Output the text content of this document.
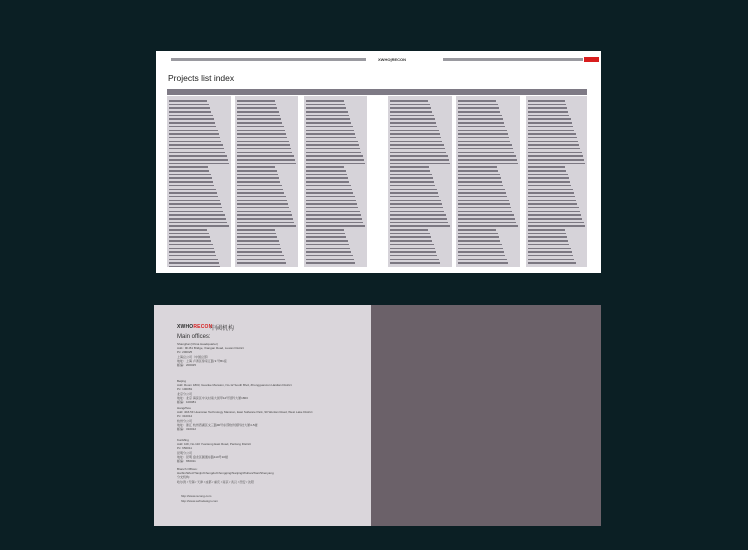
XWHO|RECON
Projects list index
XWHORECON
中國机构
Main offices:
Shanghai (China Headquarter)
Add.: 9F-B1 Bridge, Xiangan Road, Luwan District
Pc: 200025
上海总公司（中国总部）
地址：上海 卢湾区徐家汇路 9 号B1座
邮编：200025
Beijing
Add: Room 1803, Guanke Mansion, No.12 South Blvd, Zhongguancun Haidian District
Pc: 100081
北京分公司
地址：北京 海淀区中关村南大街甲12号冠科大厦1803
邮编：100081
HangZhou
Add: 4F#-5F Huanxiao Technology Mansion, East Software Park, 90 Wenlan Road, West Lake District
Pc: 310012
杭州分公司
地址：浙江 杭州西湖区文三路90号东部软件园科技大厦4-5楼
邮编：310012
KunMing
Add: 10F, No.110 Yuantong East Road, Panlong District
Pc: 650011
昆明分公司
地址：昆明 盘龙区圆通东路110号10楼
邮编：650011
Branch Offices:
Harbin/Wuxi/Tianjin/Chengdu/Chongqing/Nanjing/Wuhan/Xian/Shenyang
分支机构：
哈尔滨 / 无锡 / 天津 / 成都 / 重庆 / 南京 / 武汉 / 西安 / 沈阳
http://www.recong.com
http://www.xwhodesign.com
